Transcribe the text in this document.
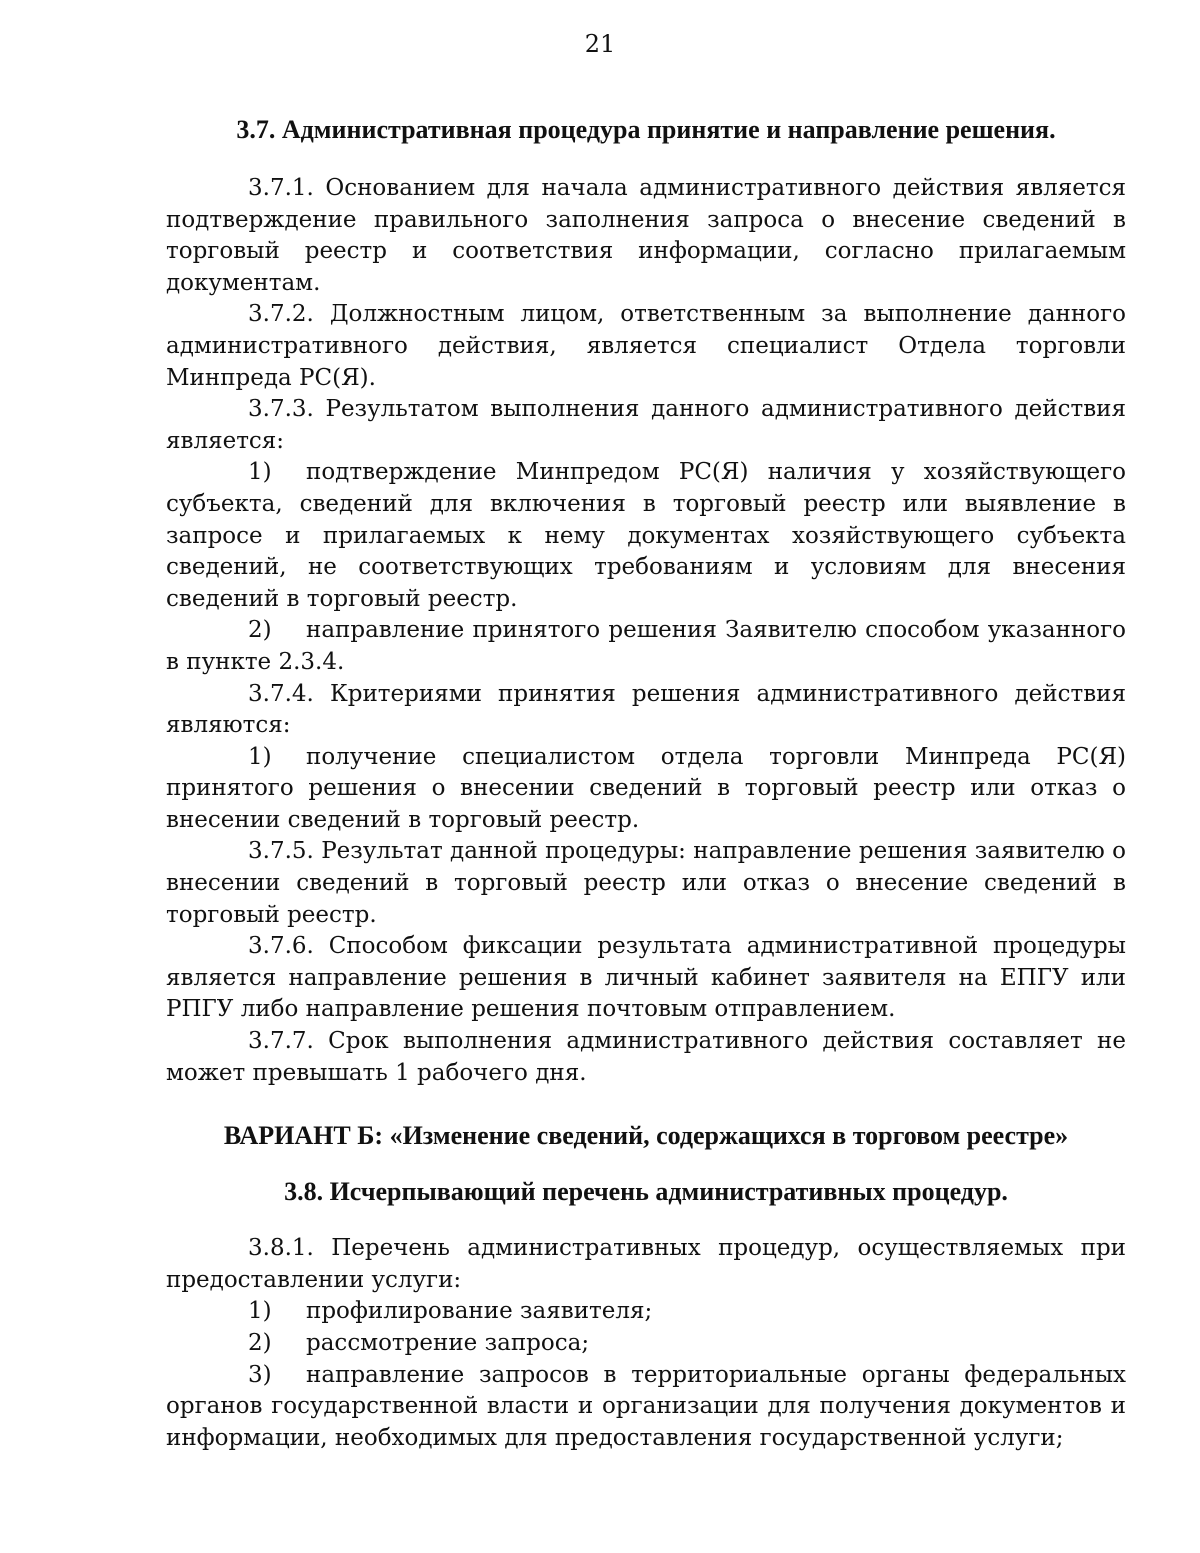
21
3.7. Административная процедура принятие и направление решения.

3.7.1. Основанием для начала административного действия является подтверждение правильного заполнения запроса о внесение сведений в торговый реестр и соответствия информации, согласно прилагаемым документам.

3.7.2. Должностным лицом, ответственным за выполнение данного административного действия, является специалист Отдела торговли Минпреда РС(Я).

3.7.3. Результатом выполнения данного административного действия является:

1) подтверждение Минпредом РС(Я) наличия у хозяйствующего субъекта, сведений для включения в торговый реестр или выявление в запросе и прилагаемых к нему документах хозяйствующего субъекта сведений, не соответствующих требованиям и условиям для внесения сведений в торговый реестр.

2) направление принятого решения Заявителю способом указанного в пункте 2.3.4.

3.7.4. Критериями принятия решения административного действия являются:

1) получение специалистом отдела торговли Минпреда РС(Я) принятого решения о внесении сведений в торговый реестр или отказ о внесении сведений в торговый реестр.

3.7.5. Результат данной процедуры: направление решения заявителю о внесении сведений в торговый реестр или отказ о внесение сведений в торговый реестр.

3.7.6. Способом фиксации результата административной процедуры является направление решения в личный кабинет заявителя на ЕПГУ или РПГУ либо направление решения почтовым отправлением.

3.7.7. Срок выполнения административного действия составляет не может превышать 1 рабочего дня.

ВАРИАНТ Б: «Изменение сведений, содержащихся в торговом реестре»
3.8. Исчерпывающий перечень административных процедур.

3.8.1. Перечень административных процедур, осуществляемых при предоставлении услуги:

1) профилирование заявителя;

2) рассмотрение запроса;

3) направление запросов в территориальные органы федеральных органов государственной власти и организации для получения документов и информации, необходимых для предоставления государственной услуги;
